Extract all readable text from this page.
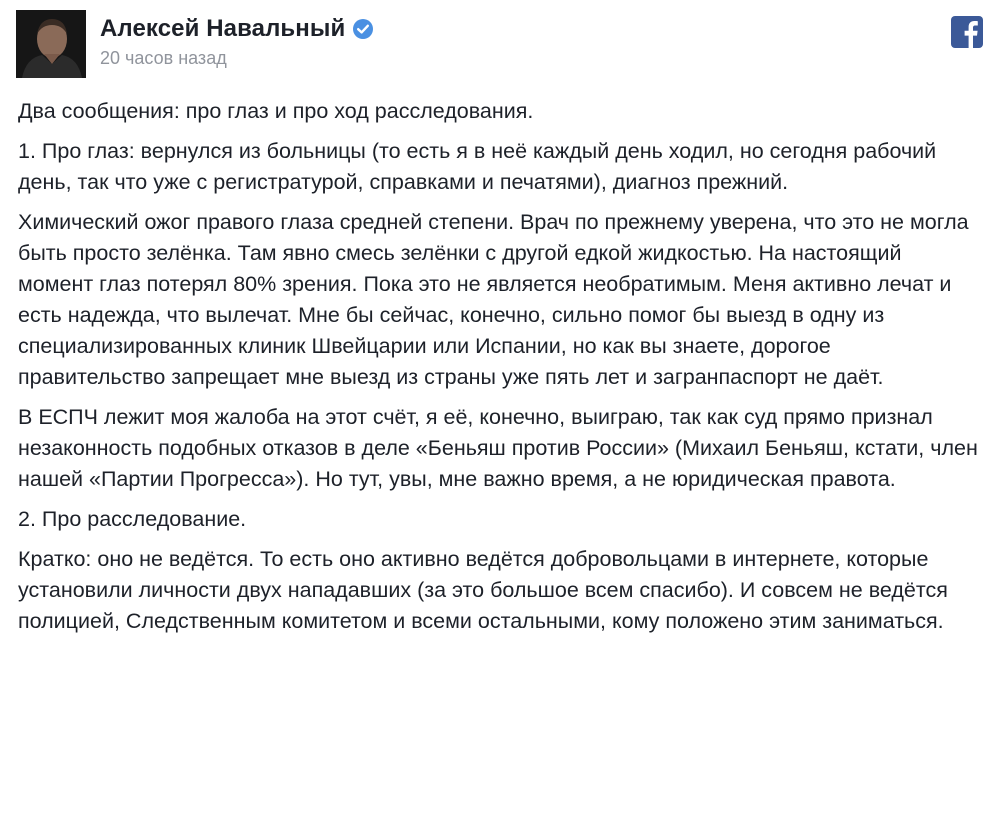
Алексей Навальный
20 часов назад

Два сообщения: про глаз и про ход расследования.

1. Про глаз: вернулся из больницы (то есть я в неё каждый день ходил, но сегодня рабочий день, так что уже с регистратурой, справками и печатями), диагноз прежний.

Химический ожог правого глаза средней степени. Врач по прежнему уверена, что это не могла быть просто зелёнка. Там явно смесь зелёнки с другой едкой жидкостью. На настоящий момент глаз потерял 80% зрения. Пока это не является необратимым. Меня активно лечат и есть надежда, что вылечат. Мне бы сейчас, конечно, сильно помог бы выезд в одну из специализированных клиник Швейцарии или Испании, но как вы знаете, дорогое правительство запрещает мне выезд из страны уже пять лет и загранпаспорт не даёт.

В ЕСПЧ лежит моя жалоба на этот счёт, я её, конечно, выиграю, так как суд прямо признал незаконность подобных отказов в деле «Беньяш против России» (Михаил Беньяш, кстати, член нашей «Партии Прогресса»). Но тут, увы, мне важно время, а не юридическая правота.

2. Про расследование.

Кратко: оно не ведётся. То есть оно активно ведётся добровольцами в интернете, которые установили личности двух нападавших (за это большое всем спасибо). И совсем не ведётся полицией, Следственным комитетом и всеми остальными, кому положено этим заниматься.
